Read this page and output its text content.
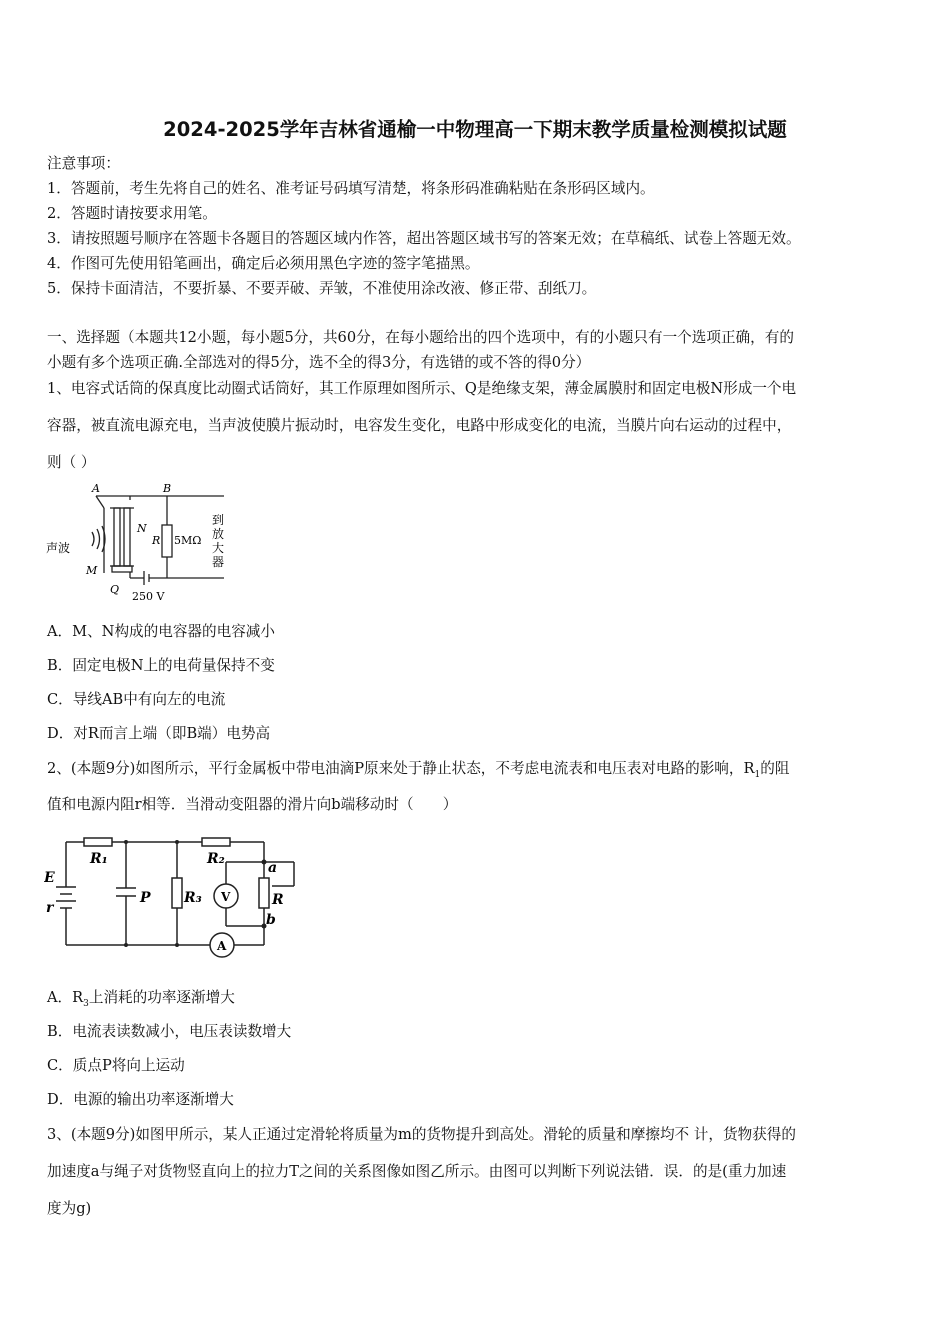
2024-2025学年吉林省通榆一中物理高一下期末教学质量检测模拟试题
注意事项：
1．答题前，考生先将自己的姓名、准考证号码填写清楚，将条形码准确粘贴在条形码区域内。
2．答题时请按要求用笔。
3．请按照题号顺序在答题卡各题目的答题区域内作答，超出答题区域书写的答案无效；在草稿纸、试卷上答题无效。
4．作图可先使用铅笔画出，确定后必须用黑色字迹的签字笔描黑。
5．保持卡面清洁，不要折暴、不要弄破、弄皱，不准使用涂改液、修正带、刮纸刀。
一、选择题（本题共12小题，每小题5分，共60分，在每小题给出的四个选项中，有的小题只有一个选项正确，有的
小题有多个选项正确.全部选对的得5分，选不全的得3分，有选错的或不答的得0分）
1、电容式话筒的保真度比动圈式话筒好，其工作原理如图所示、Q是绝缘支架，薄金属膜肘和固定电极N形成一个电
容器，被直流电源充电，当声波使膜片振动时，电容发生变化，电路中形成变化的电流，当膜片向右运动的过程中，
则（ ）
A	B
N
R 5MΩ
声波
M
Q
250 V
到
放
大
器
A．M、N构成的电容器的电容减小
B．固定电极N上的电荷量保持不变
C．导线AB中有向左的电流
D．对R而言上端（即B端）电势高
2、(本题9分)如图所示，平行金属板中带电油滴P原来处于静止状态，不考虑电流表和电压表对电路的影响，$R_1$的阻
值和电源内阻r相等．当滑动变阻器的滑片向b端移动时（　　）
R₁	R₂
R₃	R
E
r
P
a
b
V
A
A．$R_3$上消耗的功率逐渐增大
B．电流表读数减小，电压表读数增大
C．质点P将向上运动
D．电源的输出功率逐渐增大
3、(本题9分)如图甲所示，某人正通过定滑轮将质量为m的货物提升到高处。滑轮的质量和摩擦均不 计，货物获得的
加速度a与绳子对货物竖直向上的拉力T之间的关系图像如图乙所示。由图可以判断下列说法错．误．的是(重力加速
度为g)
